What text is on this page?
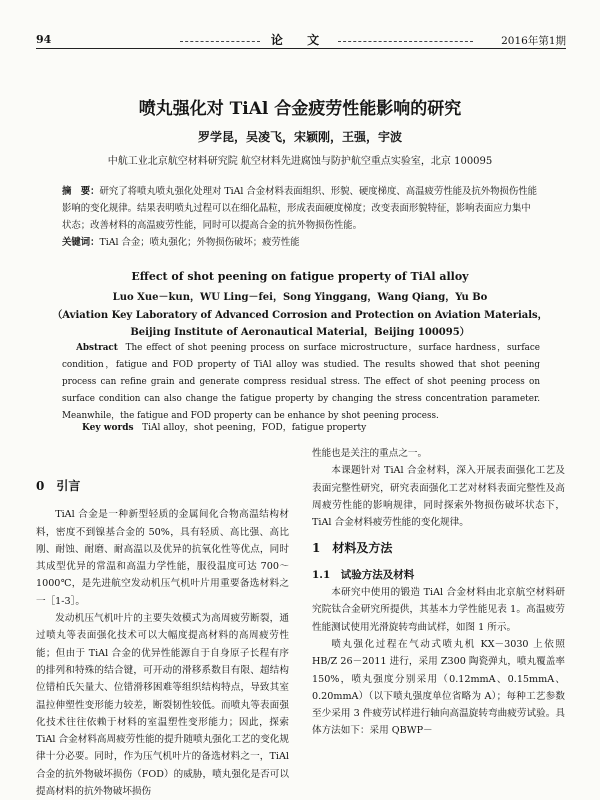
94	论 文	2016年第1期
喷丸强化对 TiAl 合金疲劳性能影响的研究
罗学昆，吴凌飞，宋颖刚，王强，宇波
中航工业北京航空材料研究院 航空材料先进腐蚀与防护航空重点实验室，北京 100095
摘　要：研究了将喷丸喷丸强化处理对 TiAl 合金材料表面组织、形貌、硬度梯度、高温疲劳性能及抗外物损伤性能影响的变化规律。结果表明喷丸过程可以在细化晶粒，形成表面硬度梯度；改变表面形貌特征，影响表面应力集中状态；改善材料的高温疲劳性能，同时可以提高合金的抗外物损伤性能。
关键词：TiAl 合金；喷丸强化；外物损伤破坏；疲劳性能
Effect of shot peening on fatigue property of TiAl alloy
Luo Xue－kun，WU Ling－fei，Song Yinggang，Wang Qiang，Yu Bo
（Aviation Key Laboratory of Advanced Corrosion and Protection on Aviation Materials，
Beijing Institute of Aeronautical Material，Beijing 100095）
Abstract The effect of shot peening process on surface microstructure，surface hardness，surface condition，fatigue and FOD property of TiAl alloy was studied. The results showed that shot peening process can refine grain and generate compress residual stress. The effect of shot peening process on surface condition can also change the fatigue property by changing the stress concentration parameter. Meanwhile，the fatigue and FOD property can be enhance by shot peening process.
Key words TiAl alloy，shot peening，FOD，fatigue property

0　引言

TiAl 合金是一种新型轻质的金属间化合物高温结构材料，密度不到镍基合金的 50%，具有轻质、高比强、高比刚、耐蚀、耐磨、耐高温以及优异的抗氧化性等优点，同时其成型优异的常温和高温力学性能，服役温度可达 700～1000℃，是先进航空发动机压气机叶片用重要备选材料之一［1-3］。

发动机压气机叶片的主要失效模式为高周疲劳断裂，通过喷丸等表面强化技术可以大幅度提高材料的高周疲劳性能；但由于 TiAl 合金的优异性能源自于自身原子长程有序的排列和特殊的结合键，可开动的滑移系数目有限、超结构位错柏氏矢量大、位错滑移困难等组织结构特点，导致其室温拉伸塑性变形能力较差，断裂韧性较低。而喷丸等表面强化技术往往依赖于材料的室温塑性变形能力；因此，探索 TiAl 合金材料高周疲劳性能的提升随喷丸强化工艺的变化规律十分必要。同时，作为压气机叶片的备选材料之一，TiAl 合金的抗外物破坏损伤（FOD）的威胁，喷丸强化是否可以提高材料的抗外物破坏损伤

性能也是关注的重点之一。

本课题针对 TiAl 合金材料，深入开展表面强化工艺及表面完整性研究，研究表面强化工艺对材料表面完整性及高周疲劳性能的影响规律，同时探索外物损伤破坏状态下，TiAl 合金材料疲劳性能的变化规律。

1　材料及方法

1.1　试验方法及材料

本研究中使用的锻造 TiAl 合金材料由北京航空材料研究院钛合金研究所提供，其基本力学性能见表 1。高温疲劳性能测试使用光滑旋转弯曲试样，如图 1 所示。

喷丸强化过程在气动式喷丸机 KX－3030 上依照 HB/Z 26－2011 进行，采用 Z300 陶瓷弹丸，喷丸覆盖率 150%，喷丸强度分别采用（0.12mmA、0.15mmA、0.20mmA）（以下喷丸强度单位省略为 A）；每种工艺参数至少采用 3 件疲劳试样进行轴向高温旋转弯曲疲劳试验。具体方法如下：采用 QBWP－
